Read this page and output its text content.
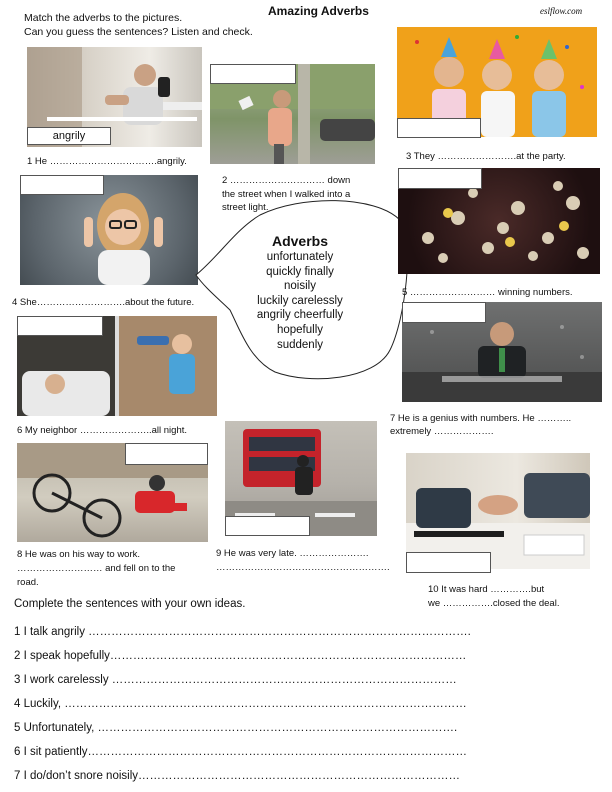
Match the adverbs to the pictures.
Can you guess the sentences? Listen and check.
Amazing Adverbs	eslflow.com
angrily
1 He …………………………….angrily.
2 ………………………… down
the street when I walked into a
street light.
3 They …………………….at the party.
4 She……………………….about the future.
Adverbs
unfortunately
quickly finally
noisily
luckily carelessly
angrily cheerfully
hopefully
suddenly
5 ……………………… winning numbers.
6 My neighbor …………………..all night.
7 He is a genius with numbers. He ………..
extremely ……………….
8 He was on his way to work.
……………………… and fell on to the
road.
9 He was very late. ………………….
……………………………………………….
10 It was hard ………….but
we …………….closed the deal.
Complete the sentences with your own ideas.
1 I talk angrily ……………………………………………………………………………………….
2 I speak hopefully…………………………………………………………………………………
3 I work carelessly ………………………………………………………………………………
4 Luckily, ……………………………………………………………………………………………
5 Unfortunately, ………………………………………………………………………………….
6 I sit patiently………………………………………………………………………………………
7 I do/don’t snore noisily…………………………………………………………………………
